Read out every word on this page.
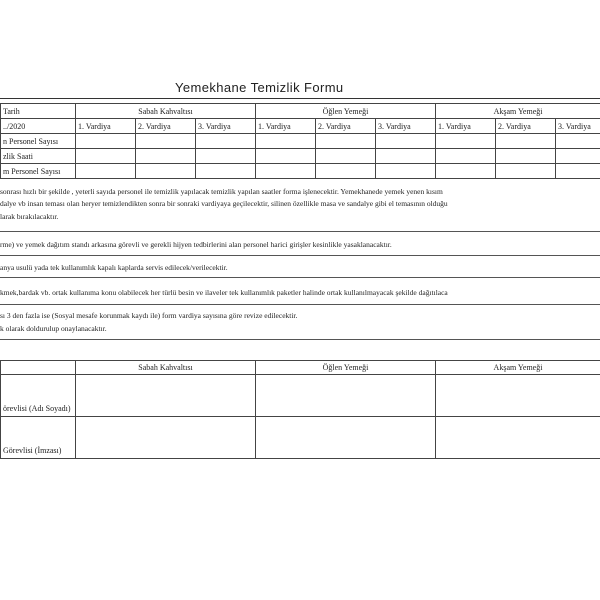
Yemekhane Temizlik Formu
Tarih	Sabah Kahvaltısı			Öğlen Yemeği			Akşam Yemeği		
../2020	1. Vardiya	2. Vardiya	3. Vardiya	1. Vardiya	2. Vardiya	3. Vardiya	1. Vardiya	2. Vardiya	3. Vardiya
n Personel Sayısı									
zlik Saati									
m Personel Sayısı									
sonrası hızlı bir şekilde , yeterli sayıda personel ile temizlik yapılacak temizlik yapılan saatler forma işlenecektir. Yemekhanede yemek yenen kısım
dalye vb insan teması olan heryer temizlendikten sonra bir sonraki vardiyaya geçilecektir, silinen özellikle masa ve sandalye gibi el temasının olduğu
larak bırakılacaktır.
rme) ve yemek dağıtım standı arkasına görevli ve gerekli hijyen tedbirlerini alan personel harici girişler kesinlikle yasaklanacaktır.
anya usulü yada tek kullanımlık kapalı kaplarda servis edilecek/verilecektir.
kmek,bardak vb. ortak kullanıma konu olabilecek her türlü besin ve ilaveler tek kullanımlık paketler halinde ortak kullanılmayacak şekilde dağıtılaca
sı 3 den fazla ise (Sosyal mesafe korunmak kaydı ile) form vardiya sayısına göre revize edilecektir.
k olarak doldurulup onaylanacaktır.
	Sabah Kahvaltısı	Öğlen Yemeği	Akşam Yemeği
örevlisi (Adı Soyadı)			
Görevlisi (İmzası)			
